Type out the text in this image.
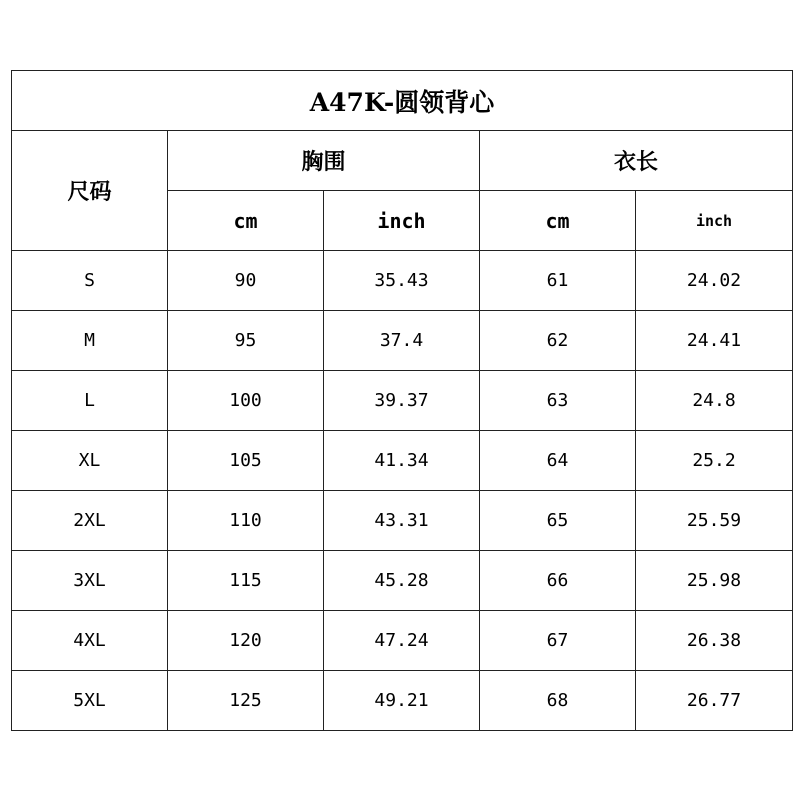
A47K-圆领背心				
尺码	胸围		衣长	
	cm	inch	cm	inch
S	90	35.43	61	24.02
M	95	37.4	62	24.41
L	100	39.37	63	24.8
XL	105	41.34	64	25.2
2XL	110	43.31	65	25.59
3XL	115	45.28	66	25.98
4XL	120	47.24	67	26.38
5XL	125	49.21	68	26.77
